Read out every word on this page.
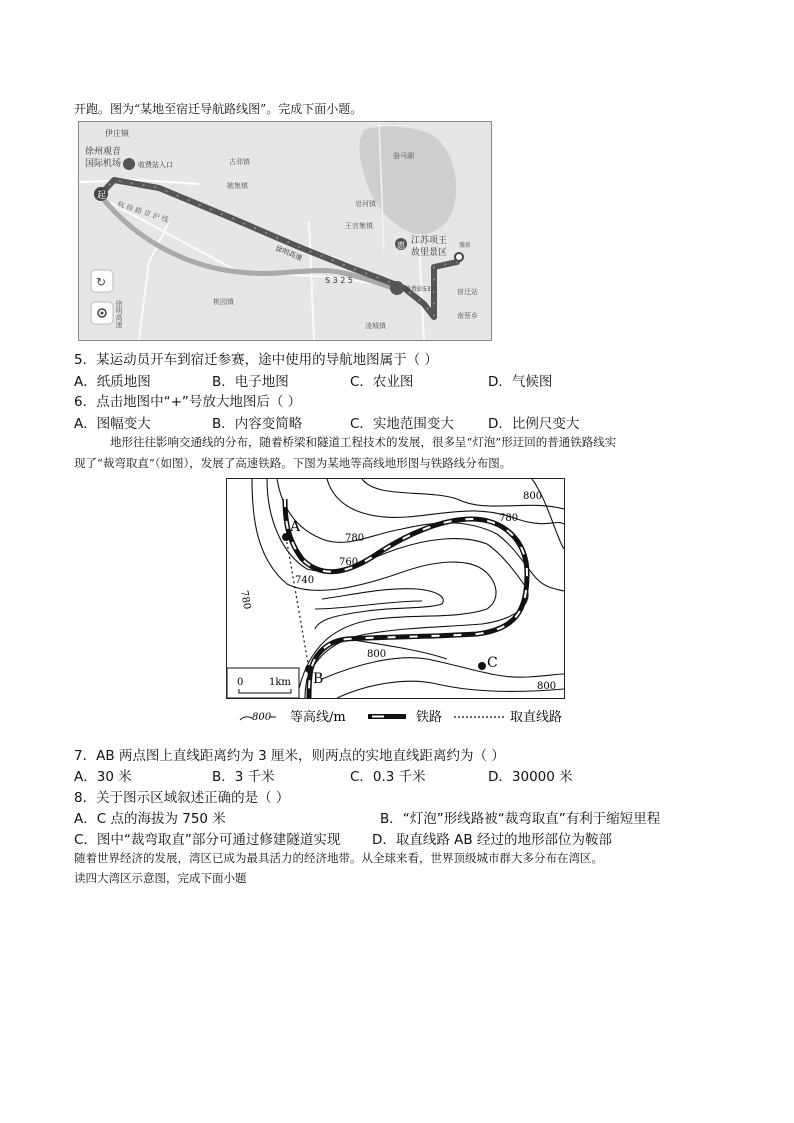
开跑。图为“某地至宿迁导航路线图”。完成下面小题。
起
惠
伊庄镇
徐州观音国际机场 收费站入口	古邳镇
姚集镇
骆马湖
皂河镇
王官集镇
江苏项王故里景区
徐明高速
杭 徐 路 京 沪 线
S 3 2 5
收费站53元	宿迁站
南蔡乡
凌城镇
桃园镇
豫新
徐明高速
↻
5．某运动员开车到宿迁参赛，途中使用的导航地图属于（ ）
A．纸质地图	B．电子地图	C．农业图	D．气候图
6．点击地图中“+”号放大地图后（ ）
A．图幅变大	B．内容变简略	C．实地范围变大	D．比例尺变大
地形往往影响交通线的分布，随着桥梁和隧道工程技术的发展，很多呈“灯泡”形迂回的普通铁路线实
现了“裁弯取直”（如图），发展了高速铁路。下图为某地等高线地形图与铁路线分布图。
A
B
C
800
780
780
760
740
780
800
800
0	1km
800 等高线/m	铁路	取直线路
7．AB 两点图上直线距离约为 3 厘米，则两点的实地直线距离约为（ ）
A．30 米	B．3 千米	C．0.3 千米	D．30000 米
8．关于图示区域叙述正确的是（ ）
A．C 点的海拔为 750 米	B．“灯泡”形线路被“裁弯取直”有利于缩短里程
C．图中“裁弯取直”部分可通过修建隧道实现 D．取直线路 AB 经过的地形部位为鞍部
随着世界经济的发展，湾区已成为最具活力的经济地带。从全球来看，世界顶级城市群大多分布在湾区。
读四大湾区示意图，完成下面小题
